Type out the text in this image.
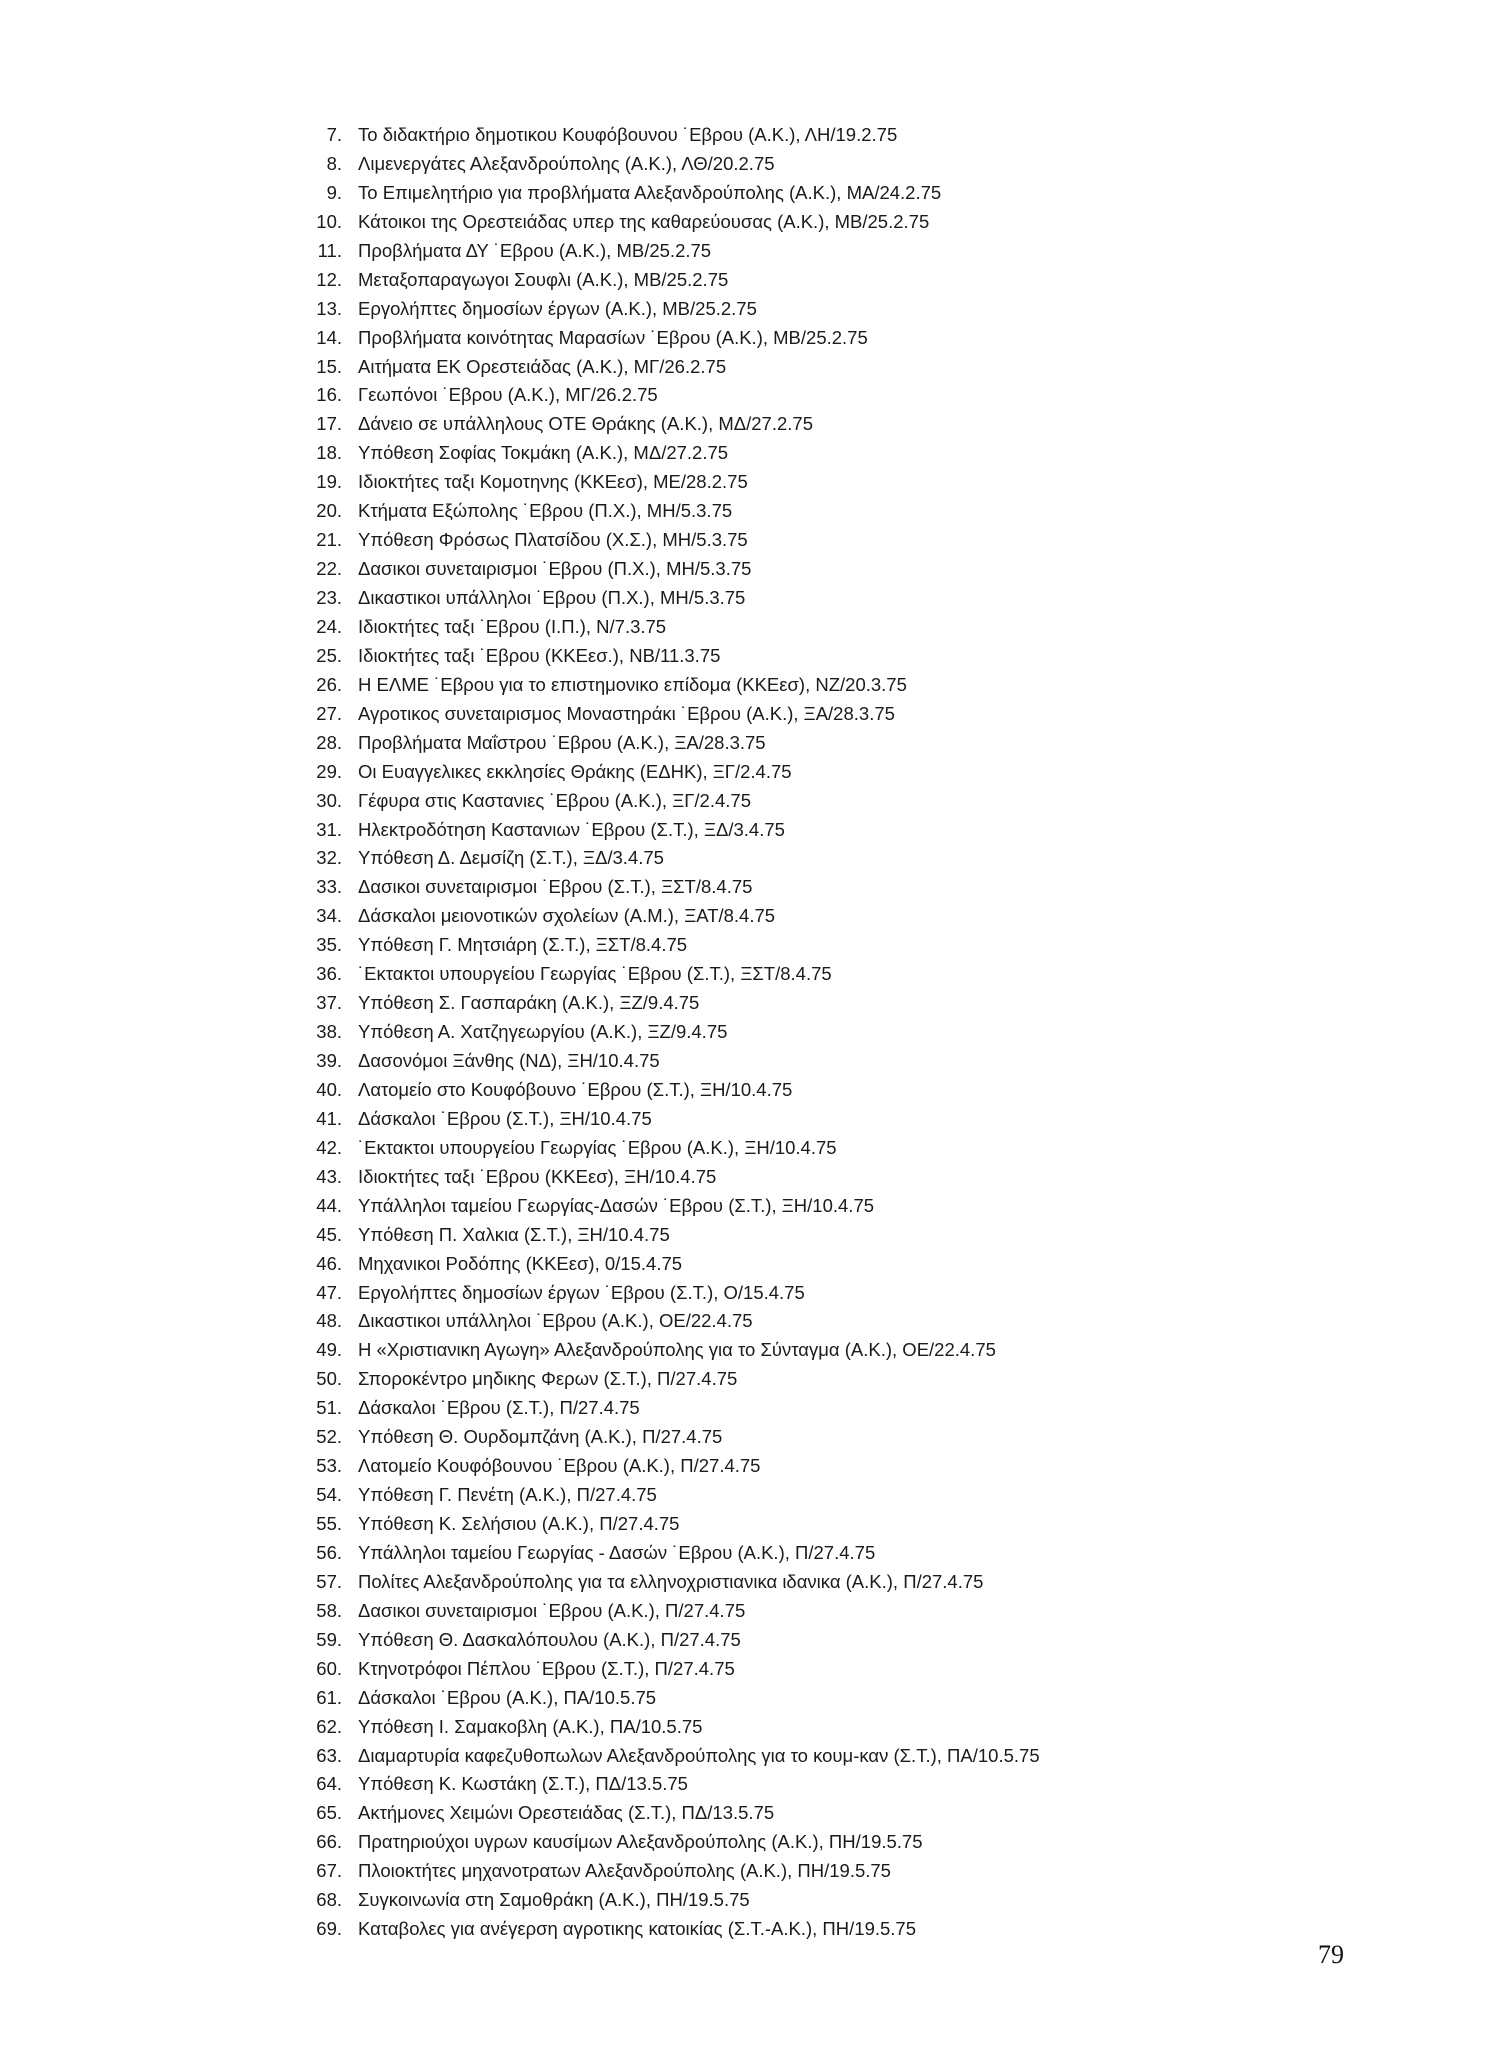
7. Το διδακτήριο δημοτικου Κουφόβουνου ˙Εβρου (Α.Κ.), ΛΗ/19.2.75
8. Λιμενεργάτες Αλεξανδρούπολης (Α.Κ.), ΛΘ/20.2.75
9. Το Επιμελητήριο για προβλήματα Αλεξανδρούπολης (Α.Κ.), ΜΑ/24.2.75
10. Κάτοικοι της Ορεστειάδας υπερ της καθαρεύουσας (Α.Κ.), ΜΒ/25.2.75
11. Προβλήματα ΔΥ ˙Εβρου (Α.Κ.), ΜΒ/25.2.75
12. Μεταξοπαραγωγοι Σουφλι (Α.Κ.), ΜΒ/25.2.75
13. Εργολήπτες δημοσίων έργων (Α.Κ.), ΜΒ/25.2.75
14. Προβλήματα κοινότητας Μαρασίων ˙Εβρου (Α.Κ.), ΜΒ/25.2.75
15. Αιτήματα ΕΚ Ορεστειάδας (Α.Κ.), ΜΓ/26.2.75
16. Γεωπόνοι ˙Εβρου (Α.Κ.), ΜΓ/26.2.75
17. Δάνειο σε υπάλληλους ΟΤΕ Θράκης (Α.Κ.), ΜΔ/27.2.75
18. Υπόθεση Σοφίας Τοκμάκη (Α.Κ.), ΜΔ/27.2.75
19. Ιδιοκτήτες ταξι Κομοτηνης (ΚΚΕεσ), ΜΕ/28.2.75
20. Κτήματα Εξώπολης ˙Εβρου (Π.Χ.), ΜΗ/5.3.75
21. Υπόθεση Φρόσως Πλατσίδου (Χ.Σ.), ΜΗ/5.3.75
22. Δασικοι συνεταιρισμοι ˙Εβρου (Π.Χ.), ΜΗ/5.3.75
23. Δικαστικοι υπάλληλοι ˙Εβρου (Π.Χ.), ΜΗ/5.3.75
24. Ιδιοκτήτες ταξι ˙Εβρου (Ι.Π.), Ν/7.3.75
25. Ιδιοκτήτες ταξι ˙Εβρου (ΚΚΕεσ.), ΝΒ/11.3.75
26. Η ΕΛΜΕ ˙Εβρου για το επιστημονικο επίδομα (ΚΚΕεσ), ΝΖ/20.3.75
27. Αγροτικος συνεταιρισμος Μοναστηράκι ˙Εβρου (Α.Κ.), ΞΑ/28.3.75
28. Προβλήματα Μαΐστρου ˙Εβρου (Α.Κ.), ΞΑ/28.3.75
29. Οι Ευαγγελικες εκκλησίες Θράκης (ΕΔΗΚ), ΞΓ/2.4.75
30. Γέφυρα στις Καστανιες ˙Εβρου (Α.Κ.), ΞΓ/2.4.75
31. Ηλεκτροδότηση Καστανιων ˙Εβρου (Σ.Τ.), ΞΔ/3.4.75
32. Υπόθεση Δ. Δεμσίζη (Σ.Τ.), ΞΔ/3.4.75
33. Δασικοι συνεταιρισμοι ˙Εβρου (Σ.Τ.), ΞΣΤ/8.4.75
34. Δάσκαλοι μειονοτικών σχολείων (Α.Μ.), ΞΑΤ/8.4.75
35. Υπόθεση Γ. Μητσιάρη (Σ.Τ.), ΞΣΤ/8.4.75
36. ˙Εκτακτοι υπουργείου Γεωργίας ˙Εβρου (Σ.Τ.), ΞΣΤ/8.4.75
37. Υπόθεση Σ. Γασπαράκη (Α.Κ.), ΞΖ/9.4.75
38. Υπόθεση Α. Χατζηγεωργίου (Α.Κ.), ΞΖ/9.4.75
39. Δασονόμοι Ξάνθης (ΝΔ), ΞΗ/10.4.75
40. Λατομείο στο Κουφόβουνο ˙Εβρου (Σ.Τ.), ΞΗ/10.4.75
41. Δάσκαλοι ˙Εβρου (Σ.Τ.), ΞΗ/10.4.75
42. ˙Εκτακτοι υπουργείου Γεωργίας ˙Εβρου (Α.Κ.), ΞΗ/10.4.75
43. Ιδιοκτήτες ταξι ˙Εβρου (ΚΚΕεσ), ΞΗ/10.4.75
44. Υπάλληλοι ταμείου Γεωργίας-Δασών ˙Εβρου (Σ.Τ.), ΞΗ/10.4.75
45. Υπόθεση Π. Χαλκια (Σ.Τ.), ΞΗ/10.4.75
46. Μηχανικοι Ροδόπης (ΚΚΕεσ), 0/15.4.75
47. Εργολήπτες δημοσίων έργων ˙Εβρου (Σ.Τ.), Ο/15.4.75
48. Δικαστικοι υπάλληλοι ˙Εβρου (Α.Κ.), ΟΕ/22.4.75
49. Η «Χριστιανικη Αγωγη» Αλεξανδρούπολης για το Σύνταγμα (Α.Κ.), ΟΕ/22.4.75
50. Σποροκέντρο μηδικης Φερων (Σ.Τ.), Π/27.4.75
51. Δάσκαλοι ˙Εβρου (Σ.Τ.), Π/27.4.75
52. Υπόθεση Θ. Ουρδομπζάνη (Α.Κ.), Π/27.4.75
53. Λατομείο Κουφόβουνου ˙Εβρου (Α.Κ.), Π/27.4.75
54. Υπόθεση Γ. Πενέτη (Α.Κ.), Π/27.4.75
55. Υπόθεση Κ. Σελήσιου (Α.Κ.), Π/27.4.75
56. Υπάλληλοι ταμείου Γεωργίας - Δασών ˙Εβρου (Α.Κ.), Π/27.4.75
57. Πολίτες Αλεξανδρούπολης για τα ελληνοχριστιανικα ιδανικα (Α.Κ.), Π/27.4.75
58. Δασικοι συνεταιρισμοι ˙Εβρου (Α.Κ.), Π/27.4.75
59. Υπόθεση Θ. Δασκαλόπουλου (Α.Κ.), Π/27.4.75
60. Κτηνοτρόφοι Πέπλου ˙Εβρου (Σ.Τ.), Π/27.4.75
61. Δάσκαλοι ˙Εβρου (Α.Κ.), ΠΑ/10.5.75
62. Υπόθεση Ι. Σαμακοβλη (Α.Κ.), ΠΑ/10.5.75
63. Διαμαρτυρία καφεζυθοπωλων Αλεξανδρούπολης για το κουμ-καν (Σ.Τ.), ΠΑ/10.5.75
64. Υπόθεση Κ. Κωστάκη (Σ.Τ.), ΠΔ/13.5.75
65. Ακτήμονες Χειμώνι Ορεστειάδας (Σ.Τ.), ΠΔ/13.5.75
66. Πρατηριούχοι υγρων καυσίμων Αλεξανδρούπολης (Α.Κ.), ΠΗ/19.5.75
67. Πλοιοκτήτες μηχανοτρατων Αλεξανδρούπολης (Α.Κ.), ΠΗ/19.5.75
68. Συγκοινωνία στη Σαμοθράκη (Α.Κ.), ΠΗ/19.5.75
69. Καταβολες για ανέγερση αγροτικης κατοικίας (Σ.Τ.-Α.Κ.), ΠΗ/19.5.75
79
